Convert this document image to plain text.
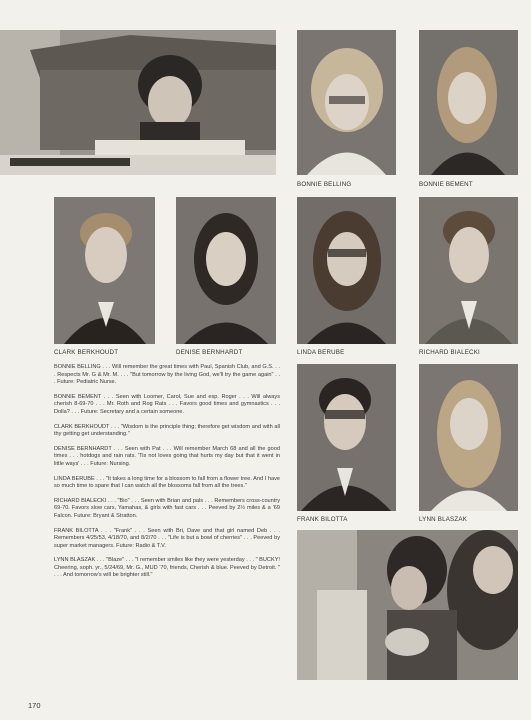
BONNIE BELLING	BONNIE BEMENT
CLARK BERKHOUDT	DENISE BERNHARDT	LINDA BERUBE	RICHARD BIALECKI
FRANK BILOTTA	LYNN BLASZAK

BONNIE BELLING . . . Will remember the great times with Paul, Spanish Club, and G.S. . . . Respects Mr. G & Mr. M. . . . "But tomorrow by the living God, we'll try the game again" . . . Future: Pediatric Nurse.

BONNIE BEMENT . . . Seen with Loomer, Carol, Sue and esp. Roger . . . Will always cherish 8-69-70 . . . Mr. Roth and Rog Rats . . . Favors good times and gymnastics . . . Dolla? . . . Future: Secretary and a certain someone.

CLARK BERKHOUDT . . . "Wisdom is the principle thing; therefore get wisdom and with all thy getting get understanding."

DENISE BERNHARDT . . . Seen with Pat . . . Will remember March 68 and all the good times . . . hotdogs and rain rats. 'Tis not loves going that hurts my day but that it went in little ways' . . . Future: Nursing.

LINDA BERUBE . . . "It takes a long time for a blossom to fall from a flower tree. And I have so much time to spare that I can watch all the blossoms fall from all the trees."

RICHARD BIALECKI . . . "Bio" . . . Seen with Brian and pals . . . Remembers cross-country 69-70. Favors slow cars, Yamahas, & girls with fast cars . . . Peeved by 2½ miles & a '69 Falcon. Future: Bryant & Stratton.

FRANK BILOTTA . . . "Frank" . . . Seen with Bri, Dave and that girl named Deb . . . Remembers 4/25/53, 4/18/70, and 8/2/70 . . . "Life is but a bowl of cherries" . . . Peeved by super market managers. Future: Radio & T.V.

LYNN BLASZAK . . . "Blaze" . . . "I remember smiles like they were yesterday . . . " BUCKY! Cheering, soph. yr., 5/24/69, Mr. G., MUD '70, friends, Cherish & blue. Peeved by Detroit. " . . . And tomorrow's will be brighter still."

170
